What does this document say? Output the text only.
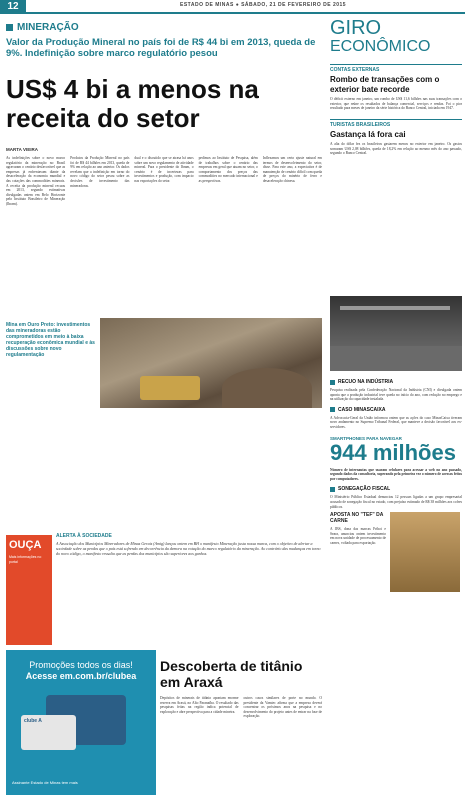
12	ESTADO DE MINAS ● SÁBADO, 21 DE FEVEREIRO DE 2015
MINERAÇÃO
Valor da Produção Mineral no país foi de R$ 44 bi em 2013, queda de 9%. Indefinição sobre marco regulatório pesou
US$ 4 bi a menos na receita do setor
MARTA VIEIRA
As indefinições sobre o novo marco regulatório da mineração no Brasil agravaram o cenário desfavorável que as empresas já enfrentavam diante da desaceleração da economia mundial e das cotações das commodities minerais. A receita da produção mineral recuou em 2013, segundo estimativas divulgadas ontem em Belo Horizonte pelo Instituto Brasileiro de Mineração (Ibram).
Produtos da Produção Mineral no país foi de R$ 44 bilhões em 2013, queda de 9% em relação ao ano anterior. Os dados revelam que a indefinição em torno do novo código do setor pesou sobre as decisões de investimento das mineradoras.
dual e o discutido que se atrasa há anos sobre um novo regulamento de atividade mineral. Para o presidente do Ibram, o cenário é de incertezas para investimentos e produção, com impacto nas exportações do setor.
pedimos ao Instituto de Pesquisa, além de trabalhos sobre o cenário das empresas em geral que atuam no setor, o comportamento dos preços das commodities no mercado internacional e as perspectivas.
Inflexamos um certo ajuste natural em termos de desenvolvimento do setor, disse. Para este ano, a expectativa é de manutenção de cenário difícil com queda de preços do minério de ferro e desaceleração chinesa.
Mina em Ouro Preto: investimentos das mineradoras estão comprometidos em meio à baixa recuperação econômica mundial e às discussões sobre novo regulamentação
OUÇA
Mais informações no portal
ALERTA À SOCIEDADE
A Associação dos Municípios Mineradores de Minas Gerais (Amig) lançou ontem em BH o manifesto Mineração justa nossa marca, com o objetivo de alertar a sociedade sobre as perdas que o país está sofrendo em decorrência da demora na votação do marco regulatório da mineração. Ao contrário das mudanças em torno do novo código, o manifesto ressalta que as perdas dos municípios são superiores aos ganhos.
Promoções todos os dias!
Acesse em.com.br/clubea
clube A
Assinante Estado de Minas tem mais
Descoberta de titânio em Araxá
Depósitos de minerais de titânio apontam enorme reserva em Araxá, no Alto Paranaíba. O resultado das pesquisas feitas na região indica potencial de exploração e abre perspectiva para a cidade mineira.
outros casos similares de porte no mundo. O presidente da Vamtec afirma que a empresa deverá concentrar os próximos anos na pesquisa e no desenvolvimento do projeto antes de entrar na fase de exploração.
GIRO
ECONÔMICO
CONTAS EXTERNAS
Rombo de transações com o exterior bate recorde
O déficit externo em janeiro, um rombo de US$ 11,6 bilhões nas suas transações com o exterior, que reúne os resultados de balança comercial, serviços e rendas. Foi o pior resultado para meses de janeiro da série histórica do Banco Central, iniciada em 1947.
TURISTAS BRASILEIROS
Gastança lá fora cai
A alta do dólar fez os brasileiros gastarem menos no exterior em janeiro. Os gastos somaram US$ 2,08 bilhões, queda de 18,2% em relação ao mesmo mês do ano passado, segundo o Banco Central.
RECUO NA INDÚSTRIA
Pesquisa realizada pela Confederação Nacional da Indústria (CNI) e divulgada ontem aponta que a produção industrial teve queda no início do ano, com redução no emprego e na utilização da capacidade instalada.
CASO MINASCAIXA
A Advocacia-Geral da União informou ontem que as ações do caso MinasCaixa tiveram novo andamento no Supremo Tribunal Federal, que manteve a decisão favorável aos ex-servidores.
SMARTPHONES PARA NAVEGAR
944 milhões
Número de internautas que usaram celulares para acessar a web no ano passado, segundo dados da consultoria, superando pela primeira vez o número de acessos feitos por computadores.
SONEGAÇÃO FISCAL
O Ministério Público Estadual denunciou 12 pessoas ligadas a um grupo empresarial acusado de sonegação fiscal no estado, com prejuízo estimado de R$ 38 milhões aos cofres públicos.
APOSTA NO "TEF" DA CARNE
A JBS, dona das marcas Friboi e Seara, anunciou ontem investimento em nova unidade de processamento de carnes, voltada para exportação.
